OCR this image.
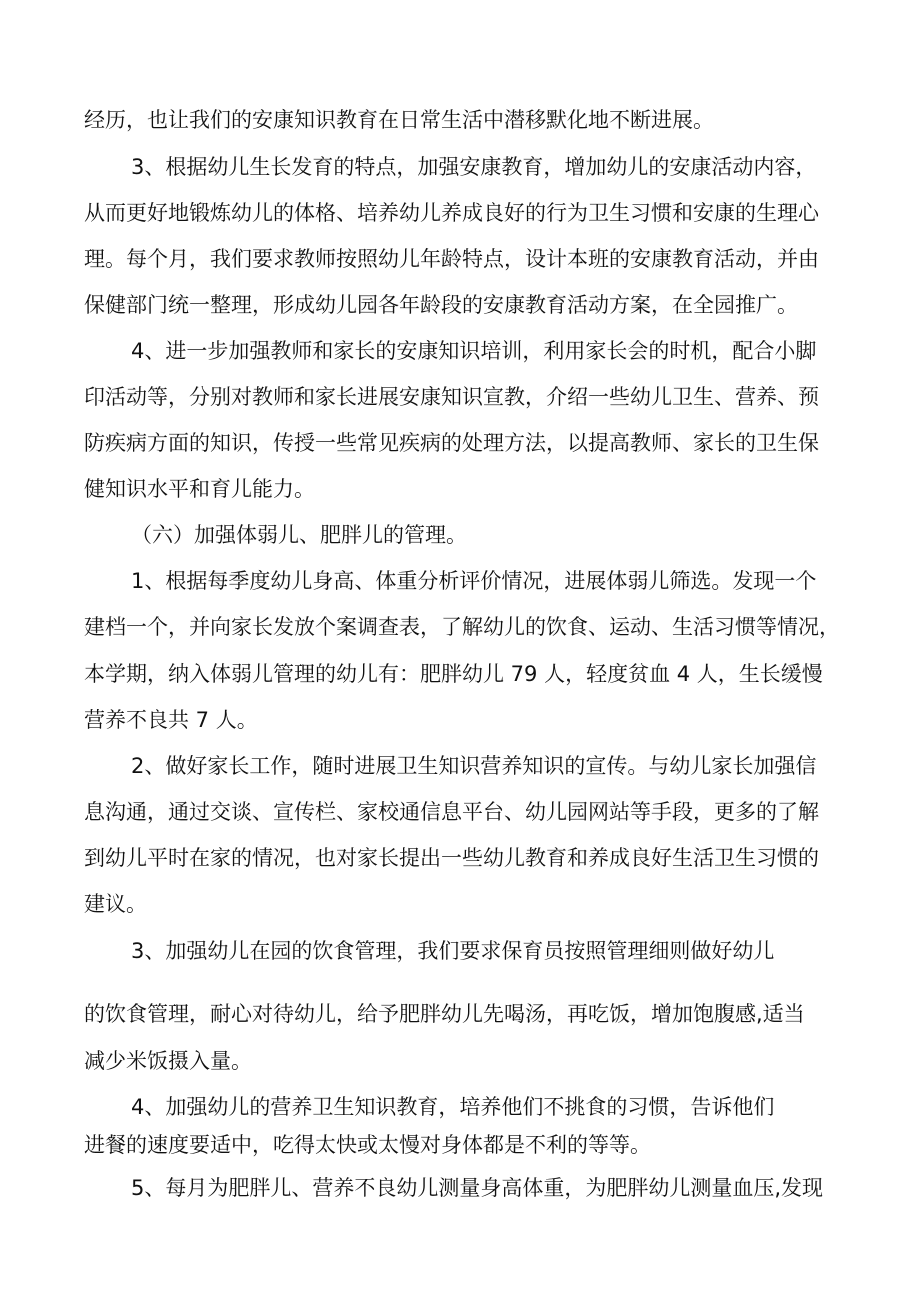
经历，也让我们的安康知识教育在日常生活中潜移默化地不断进展。
3、根据幼儿生长发育的特点，加强安康教育，增加幼儿的安康活动内容，
从而更好地锻炼幼儿的体格、培养幼儿养成良好的行为卫生习惯和安康的生理心
理。每个月，我们要求教师按照幼儿年龄特点，设计本班的安康教育活动，并由
保健部门统一整理，形成幼儿园各年龄段的安康教育活动方案，在全园推广。
4、进一步加强教师和家长的安康知识培训，利用家长会的时机，配合小脚
印活动等，分别对教师和家长进展安康知识宣教，介绍一些幼儿卫生、营养、预
防疾病方面的知识，传授一些常见疾病的处理方法，以提高教师、家长的卫生保
健知识水平和育儿能力。
（六）加强体弱儿、肥胖儿的管理。
1、根据每季度幼儿身高、体重分析评价情况，进展体弱儿筛选。发现一个
建档一个，并向家长发放个案调查表，了解幼儿的饮食、运动、生活习惯等情况，
本学期，纳入体弱儿管理的幼儿有：肥胖幼儿 79 人，轻度贫血 4 人，生长缓慢
营养不良共 7 人。
2、做好家长工作，随时进展卫生知识营养知识的宣传。与幼儿家长加强信
息沟通，通过交谈、宣传栏、家校通信息平台、幼儿园网站等手段，更多的了解
到幼儿平时在家的情况，也对家长提出一些幼儿教育和养成良好生活卫生习惯的
建议。
3、加强幼儿在园的饮食管理，我们要求保育员按照管理细则做好幼儿
的饮食管理，耐心对待幼儿，给予肥胖幼儿先喝汤，再吃饭，增加饱腹感,适当
减少米饭摄入量。
4、加强幼儿的营养卫生知识教育，培养他们不挑食的习惯，告诉他们
进餐的速度要适中，吃得太快或太慢对身体都是不利的等等。
5、每月为肥胖儿、营养不良幼儿测量身高体重，为肥胖幼儿测量血压,发现
